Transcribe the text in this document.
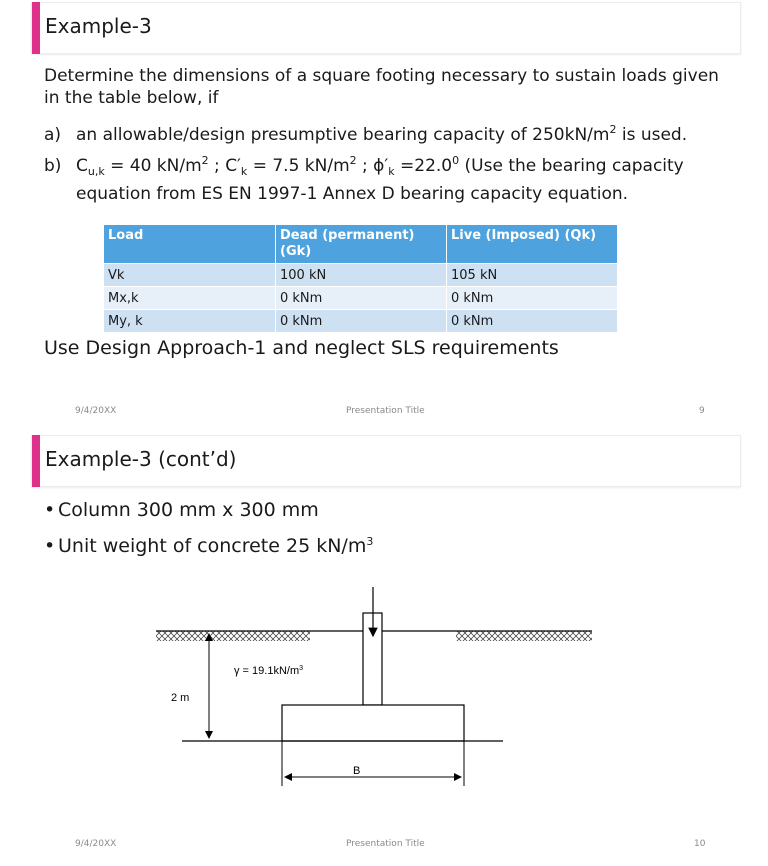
Example-3
Determine the dimensions of a square footing necessary to sustain loads given
in the table below, if
a) an allowable/design presumptive bearing capacity of $250kN/m^2$ is used.
b) $C_{u,k} = 40$ $kN/m^2$ ; $C'_k = 7.5$ $kN/m^2$ ; $\phi'_k =22.0^0$ (Use the bearing capacity
equation from ES EN 1997-1 Annex D bearing capacity equation.
Load	Dead (permanent) (Gk)	Live (Imposed) (Qk)
Vk	100 kN	105 kN
Mx,k	0 kNm	0 kNm
My, k	0 kNm	0 kNm
Use Design Approach-1 and neglect SLS requirements
9/4/20XX	Presentation Title	9
Example-3 (cont’d)
• Column 300 mm x 300 mm
• Unit weight of concrete 25 $kN/m^3$
2 m
$\gamma = 19.1kN/m^3$
B
9/4/20XX	Presentation Title	10
